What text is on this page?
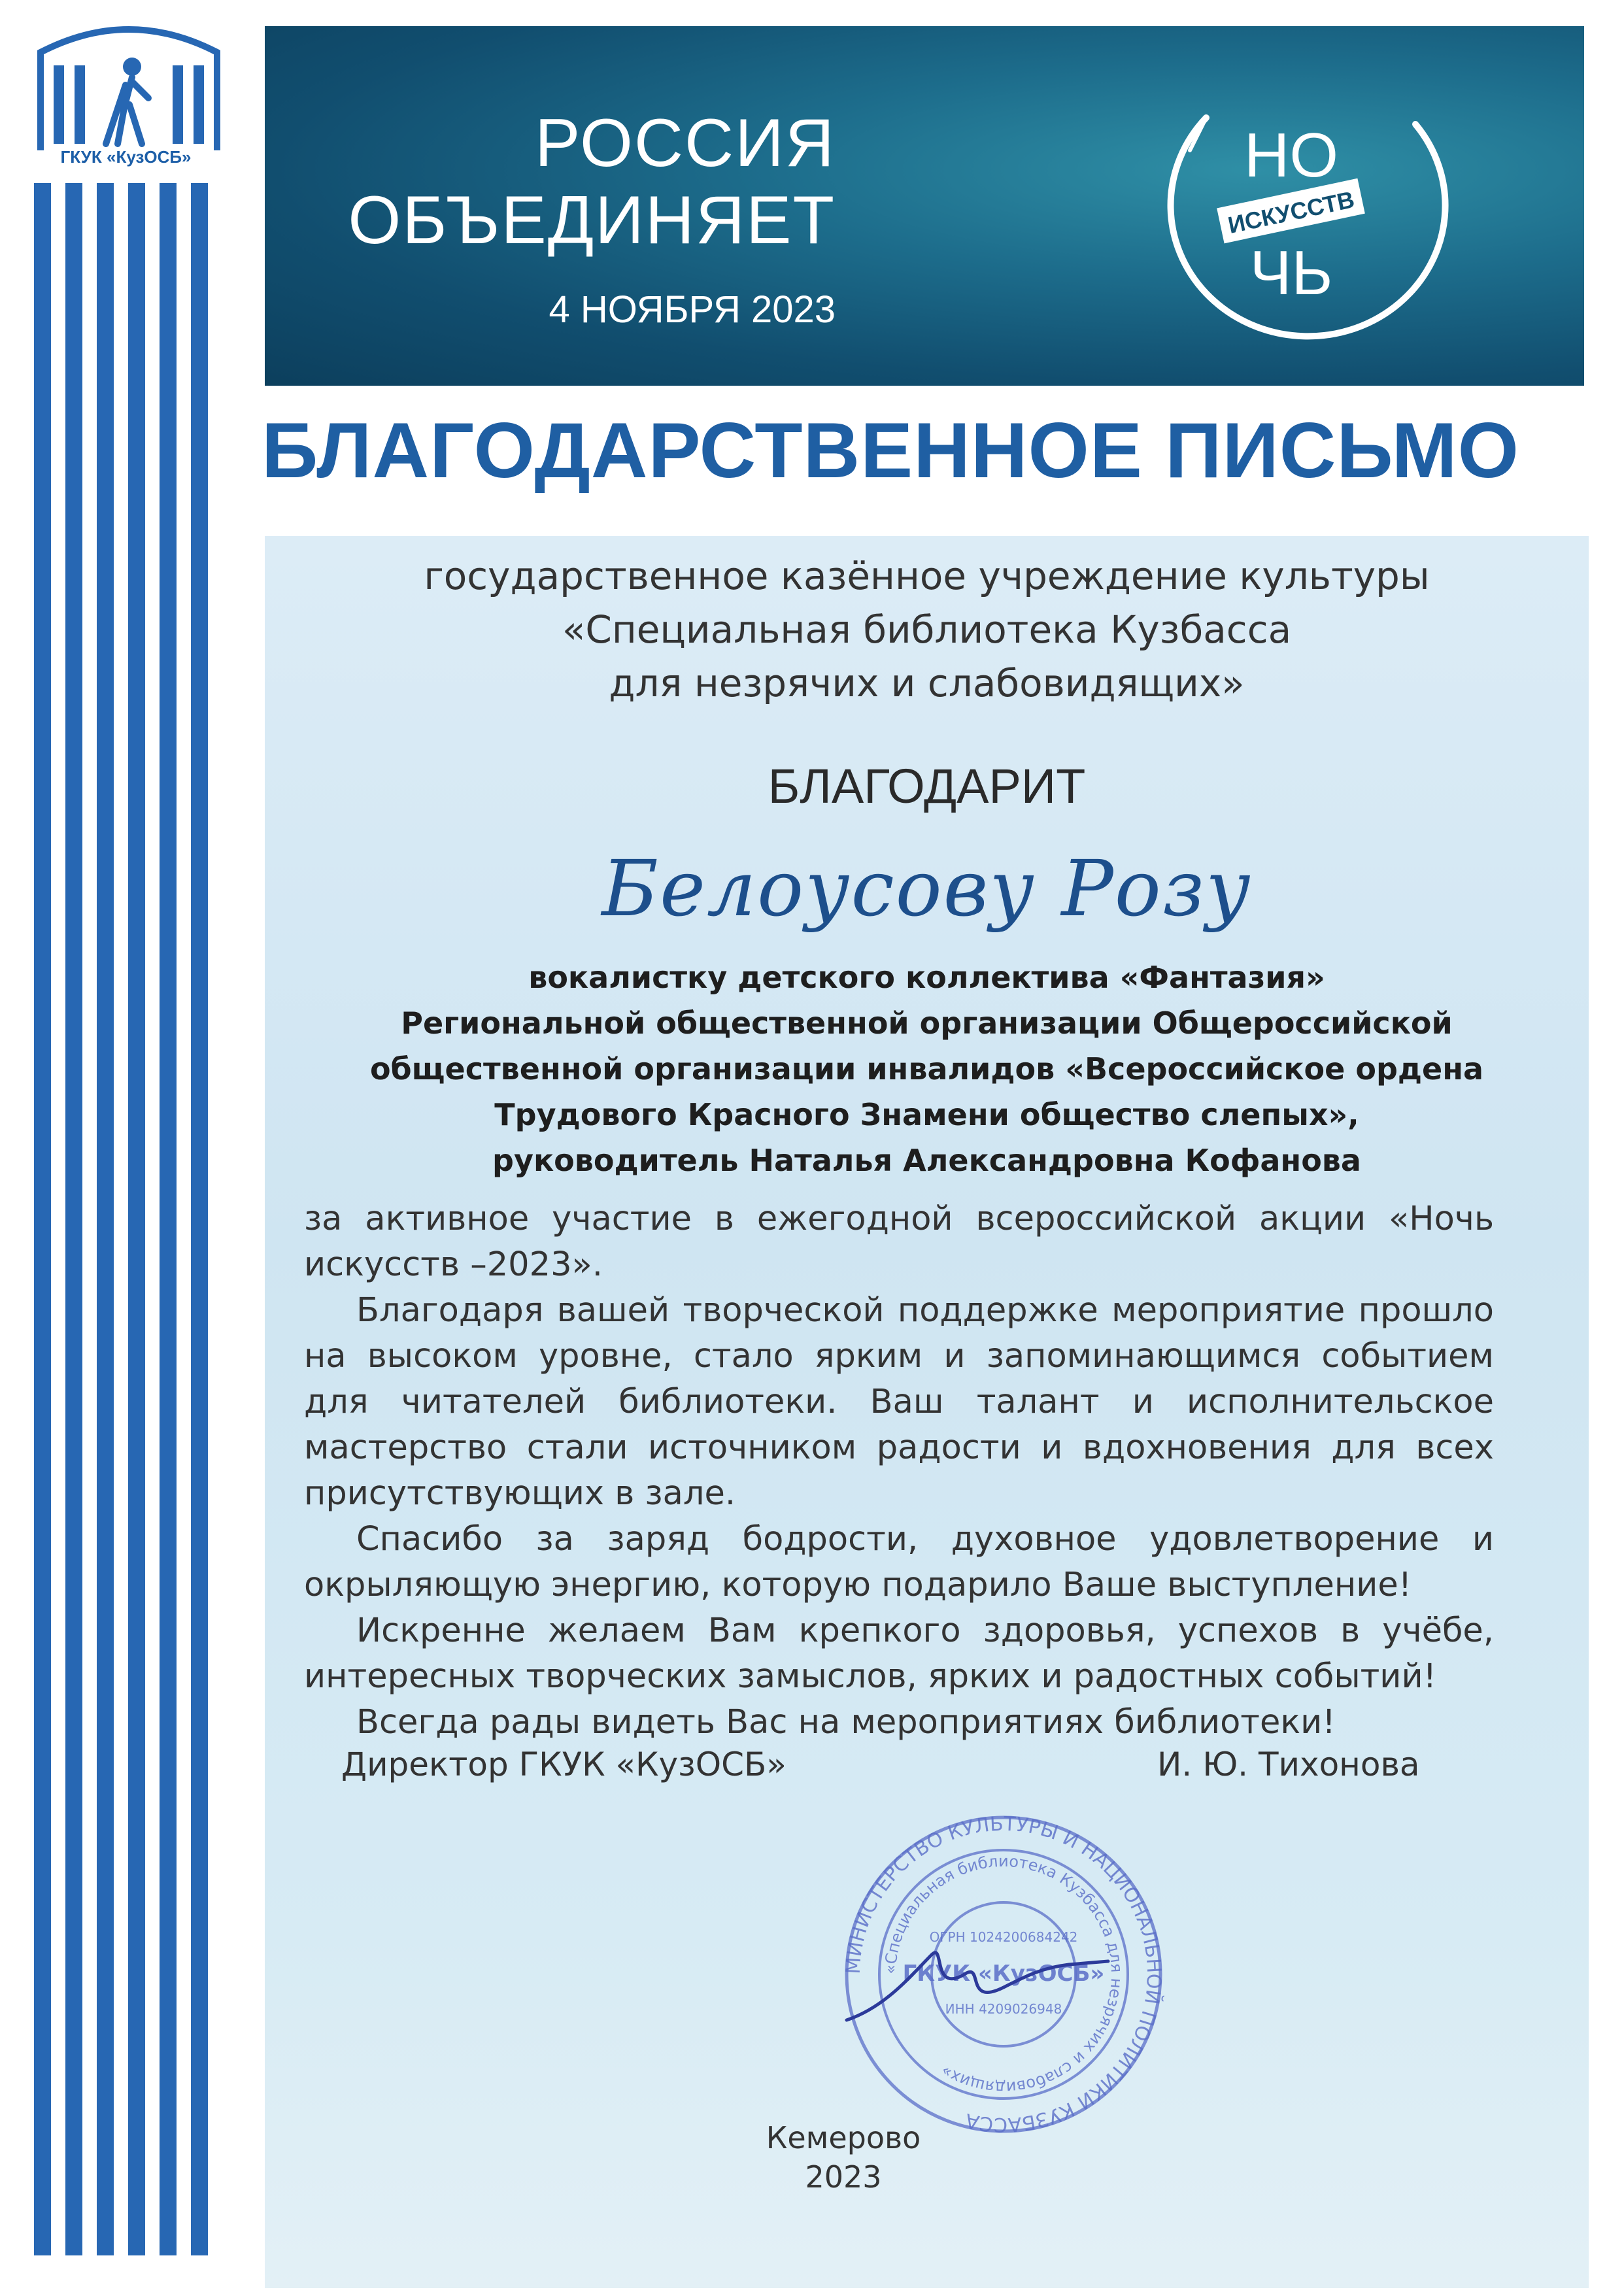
ГКУК «КузОСБ»	РОССИЯ
ОБЪЕДИНЯЕТ
4 НОЯБРЯ 2023
НО
ИСКУССТВ
ЧЬ
БЛАГОДАРСТВЕННОЕ ПИСЬМО
государственное казённое учреждение культуры
«Специальная библиотека Кузбасса
для незрячих и слабовидящих»
БЛАГОДАРИТ
Белоусову Розу
вокалистку детского коллектива «Фантазия»
Региональной общественной организации Общероссийской
общественной организации инвалидов «Всероссийское ордена
Трудового Красного Знамени общество слепых»,
руководитель Наталья Александровна Кофанова

за активное участие в ежегодной всероссийской акции «Ночь искусств –2023».

Благодаря вашей творческой поддержке мероприятие прошло на высоком уровне, стало ярким и запоминающимся событием для читателей библиотеки. Ваш талант и исполнительское мастерство стали источником радости и вдохновения для всех присутствующих в зале.

Спасибо за заряд бодрости, духовное удовлетворение и окрыляющую энергию, которую подарило Ваше выступление!

Искренне желаем Вам крепкого здоровья, успехов в учёбе, интересных творческих замыслов, ярких и радостных событий!

Всегда рады видеть Вас на мероприятиях библиотеки!

Директор ГКУК «КузОСБ»	И. Ю. Тихонова
МИНИСТЕРСТВО КУЛЬТУРЫ И НАЦИОНАЛЬНОЙ ПОЛИТИКИ КУЗБАССА
«Специальная библиотека Кузбасса для незрячих и слабовидящих»
ОГРН 1024200684242
ГКУК «КузОСБ»
ИНН 4209026948
Кемерово
2023
